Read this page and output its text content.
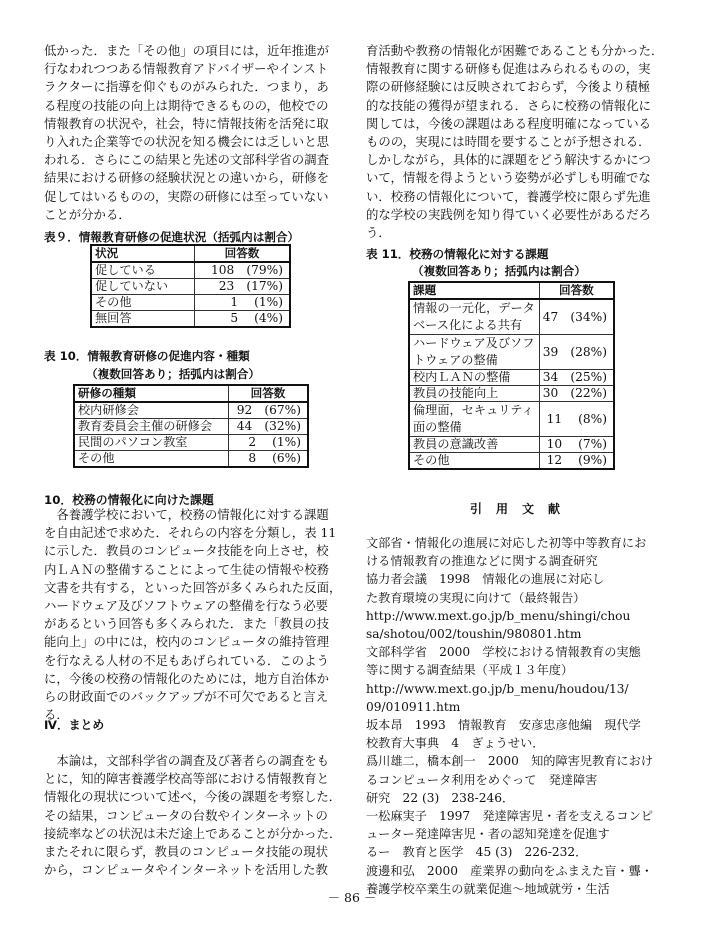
低かった．また「その他」の項目には，近年推進が
行なわれつつある情報教育アドバイザーやインスト
ラクターに指導を仰ぐものがみられた．つまり，あ
る程度の技能の向上は期待できるものの，他校での
情報教育の状況や，社会，特に情報技術を活発に取
り入れた企業等での状況を知る機会には乏しいと思
われる．さらにこの結果と先述の文部科学省の調査
結果における研修の経験状況との違いから，研修を
促してはいるものの，実際の研修には至っていない
ことが分かる．
表９．情報教育研修の促進状況（括弧内は割合）
状況	回答数
促している	108　(79%)
促していない	23　(17%)
その他	1　 (1%)
無回答	5　 (4%)
表 10．情報教育研修の促進内容・種類
（複数回答あり；括弧内は割合）
研修の種類	回答数
校内研修会	92　(67%)
教育委員会主催の研修会	44　(32%)
民間のパソコン教室	2　 (1%)
その他	8　 (6%)
10．校務の情報化に向けた課題
　各養護学校において，校務の情報化に対する課題
を自由記述で求めた．それらの内容を分類し，表 11
に示した．教員のコンピュータ技能を向上させ，校
内ＬＡＮの整備することによって生徒の情報や校務
文書を共有する，といった回答が多くみられた反面，
ハードウェア及びソフトウェアの整備を行なう必要
があるという回答も多くみられた．また「教員の技
能向上」の中には，校内のコンピュータの維持管理
を行なえる人材の不足もあげられている．このよう
に，今後の校務の情報化のためには，地方自治体か
らの財政面でのバックアップが不可欠であると言え
る．
Ⅳ．まとめ
　本論は，文部科学省の調査及び著者らの調査をも
とに，知的障害養護学校高等部における情報教育と
情報化の現状について述べ，今後の課題を考察した．
その結果，コンピュータの台数やインターネットの
接続率などの状況は未だ途上であることが分かった．
またそれに限らず，教員のコンピュータ技能の現状
から，コンピュータやインターネットを活用した教
育活動や教務の情報化が困難であることも分かった．
情報教育に関する研修も促進はみられるものの，実
際の研修経験には反映されておらず，今後より積極
的な技能の獲得が望まれる．さらに校務の情報化に
関しては，今後の課題はある程度明確になっている
ものの，実現には時間を要することが予想される．
しかしながら，具体的に課題をどう解決するかにつ
いて，情報を得ようという姿勢が必ずしも明確でな
い．校務の情報化について，養護学校に限らず先進
的な学校の実践例を知り得ていく必要性があるだろ
う．
表 11．校務の情報化に対する課題
（複数回答あり；括弧内は割合）
課題	回答数

情報の一元化，データ
ベース化による共有	47　(34%)

ハードウェア及びソフ
トウェアの整備	39　(28%)

校内ＬＡＮの整備	34　(25%)

教員の技能向上	30　(22%)

倫理面，セキュリティ
面の整備	11　 (8%)

教員の意識改善	10　 (7%)

その他	12　 (9%)
引用文献
文部省・情報化の進展に対応した初等中等教育にお
ける情報教育の推進などに関する調査研究
協力者会議　1998　情報化の進展に対応し
た教育環境の実現に向けて（最終報告）
http://www.mext.go.jp/b_menu/shingi/chou
sa/shotou/002/toushin/980801.htm
文部科学省　2000　学校における情報教育の実態
等に関する調査結果（平成１３年度）
http://www.mext.go.jp/b_menu/houdou/13/
09/010911.htm
坂本昂　1993　情報教育　安彦忠彦他編　現代学
校教育大事典　4　ぎょうせい．
爲川雄二，橋本創一　2000　知的障害児教育におけ
るコンピュータ利用をめぐって　発達障害
研究　22 (3)　238-246．
一松麻実子　1997　発達障害児・者を支えるコンピ
ューター発達障害児・者の認知発達を促進す
るー　教育と医学　45 (3)　226-232．
渡邊和弘　2000　産業界の動向をふまえた盲・聾・
養護学校卒業生の就業促進～地域就労・生活
－ 86 －
